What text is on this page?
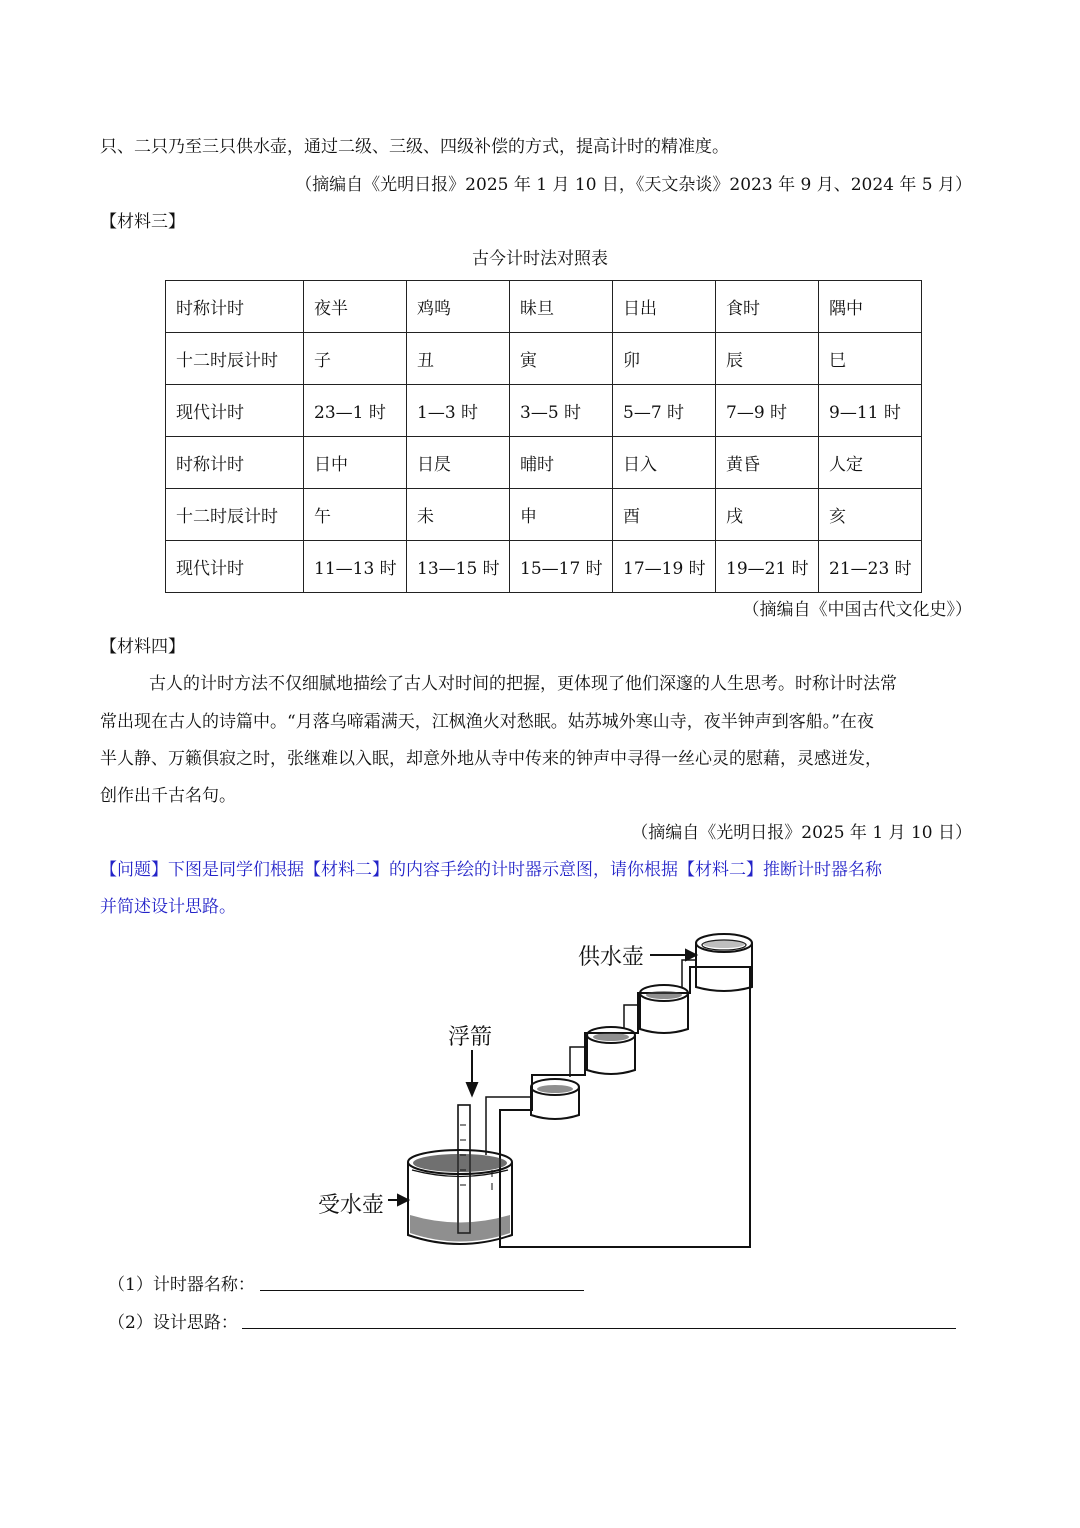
只、二只乃至三只供水壶，通过二级、三级、四级补偿的方式，提高计时的精准度。
（摘编自《光明日报》2025 年 1 月 10 日，《天文杂谈》2023 年 9 月、2024 年 5 月）
【材料三】
古今计时法对照表
时称计时	夜半	鸡鸣	昧旦	日出	食时	隅中
十二时辰计时	子	丑	寅	卯	辰	巳
现代计时	23—1 时	1—3 时	3—5 时	5—7 时	7—9 时	9—11 时
时称计时	日中	日昃	晡时	日入	黄昏	人定
十二时辰计时	午	未	申	酉	戌	亥
现代计时	11—13 时	13—15 时	15—17 时	17—19 时	19—21 时	21—23 时
（摘编自《中国古代文化史》）
【材料四】
古人的计时方法不仅细腻地描绘了古人对时间的把握，更体现了他们深邃的人生思考。时称计时法常
常出现在古人的诗篇中。“月落乌啼霜满天，江枫渔火对愁眠。姑苏城外寒山寺，夜半钟声到客船。”在夜
半人静、万籁俱寂之时，张继难以入眠，却意外地从寺中传来的钟声中寻得一丝心灵的慰藉，灵感迸发，
创作出千古名句。
（摘编自《光明日报》2025 年 1 月 10 日）
【问题】下图是同学们根据【材料二】的内容手绘的计时器示意图，请你根据【材料二】推断计时器名称
并简述设计思路。
供水壶
浮箭
受水壶
（1）计时器名称：
（2）设计思路：
